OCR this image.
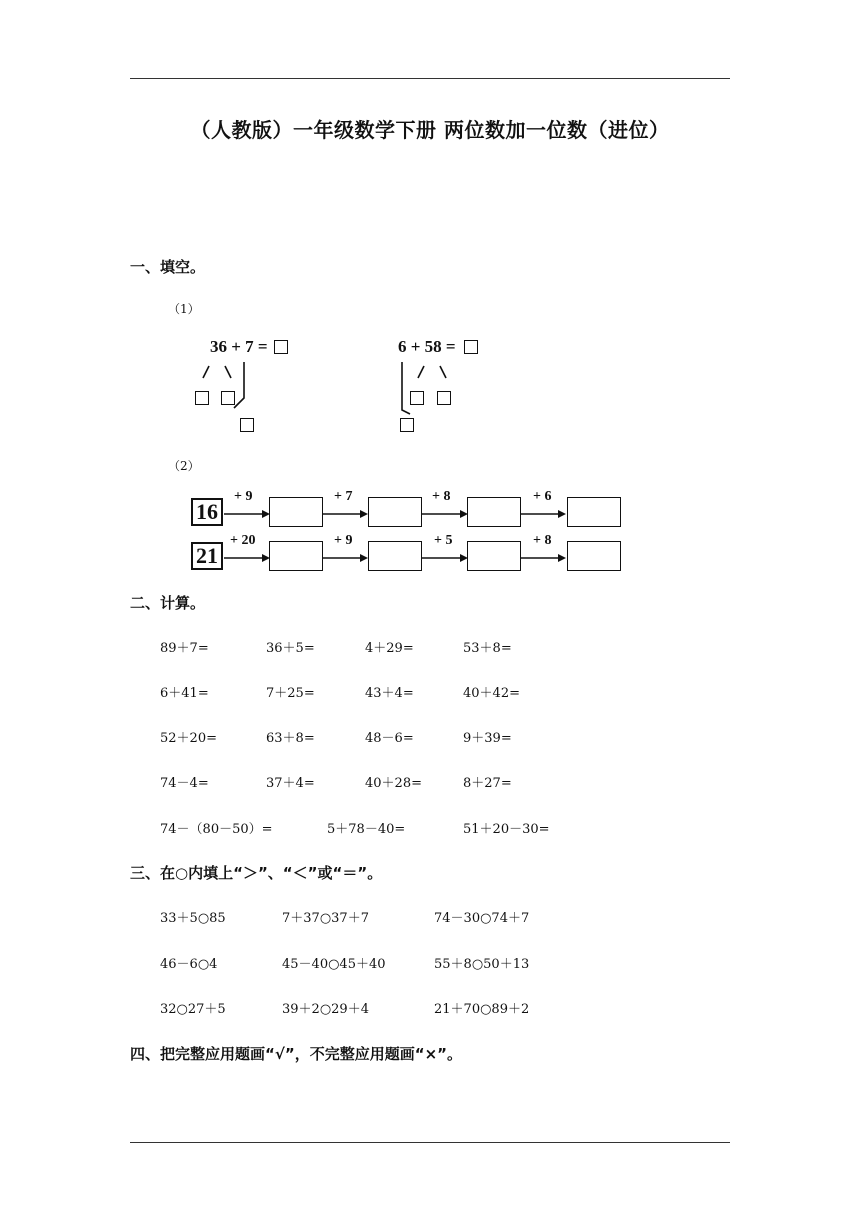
（人教版）一年级数学下册 两位数加一位数（进位）
一、填空。
（1）
36 + 7 =	6 + 58 =
（2）
16
+ 9	+ 7	+ 8	+ 6
21
+ 20	+ 9	+ 5	+ 8
二、计算。
89＋7=	36＋5=	4＋29=	53＋8=
6＋41=	7＋25=	43＋4=	40＋42=
52＋20=	63＋8=	48－6=	9＋39=
74－4=	37＋4=	40＋28=	8＋27=
74－（80－50）=	5＋78－40=	51＋20－30=
三、在○内填上“＞”、“＜”或“＝”。
33＋5○85	7＋37○37＋7	74－30○74＋7
46－6○4	45－40○45＋40	55＋8○50＋13
32○27＋5	39＋2○29＋4	21＋70○89＋2
四、把完整应用题画“√”，不完整应用题画“×”。
